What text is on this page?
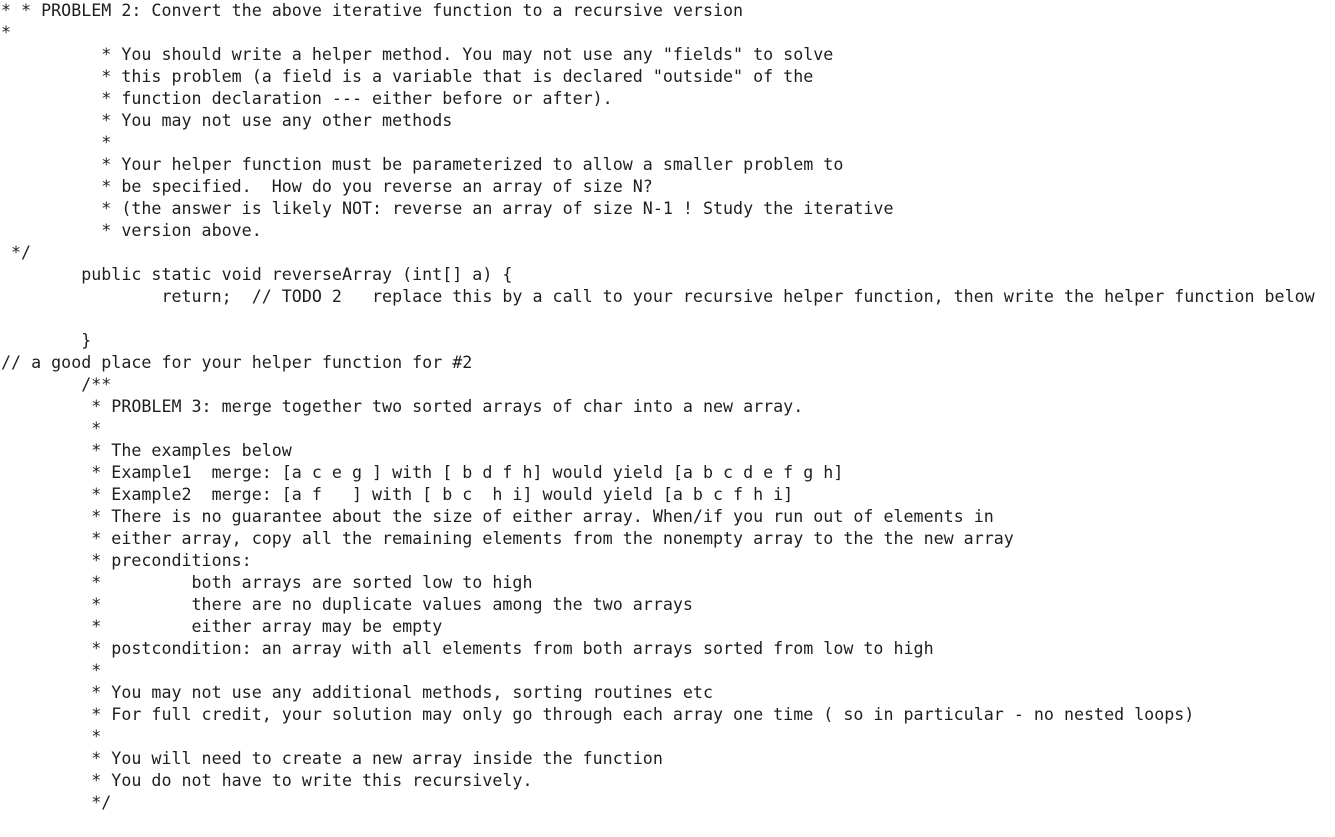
* * PROBLEM 2: Convert the above iterative function to a recursive version
*
* You should write a helper method. You may not use any "fields" to solve
* this problem (a field is a variable that is declared "outside" of the
* function declaration --- either before or after).
* You may not use any other methods
*
* Your helper function must be parameterized to allow a smaller problem to
* be specified.  How do you reverse an array of size N?
* (the answer is likely NOT: reverse an array of size N-1 ! Study the iterative
* version above.
*/
public static void reverseArray (int[] a) {
return;  // TODO 2   replace this by a call to your recursive helper function, then write the helper function below
}
// a good place for your helper function for #2
/**
* PROBLEM 3: merge together two sorted arrays of char into a new array.
*
* The examples below
* Example1  merge: [a c e g ] with [ b d f h] would yield [a b c d e f g h]
* Example2  merge: [a f   ] with [ b c  h i] would yield [a b c f h i]
* There is no guarantee about the size of either array. When/if you run out of elements in
* either array, copy all the remaining elements from the nonempty array to the the new array
* preconditions:
*         both arrays are sorted low to high
*         there are no duplicate values among the two arrays
*         either array may be empty
* postcondition: an array with all elements from both arrays sorted from low to high
*
* You may not use any additional methods, sorting routines etc
* For full credit, your solution may only go through each array one time ( so in particular - no nested loops)
*
* You will need to create a new array inside the function
* You do not have to write this recursively.
*/
